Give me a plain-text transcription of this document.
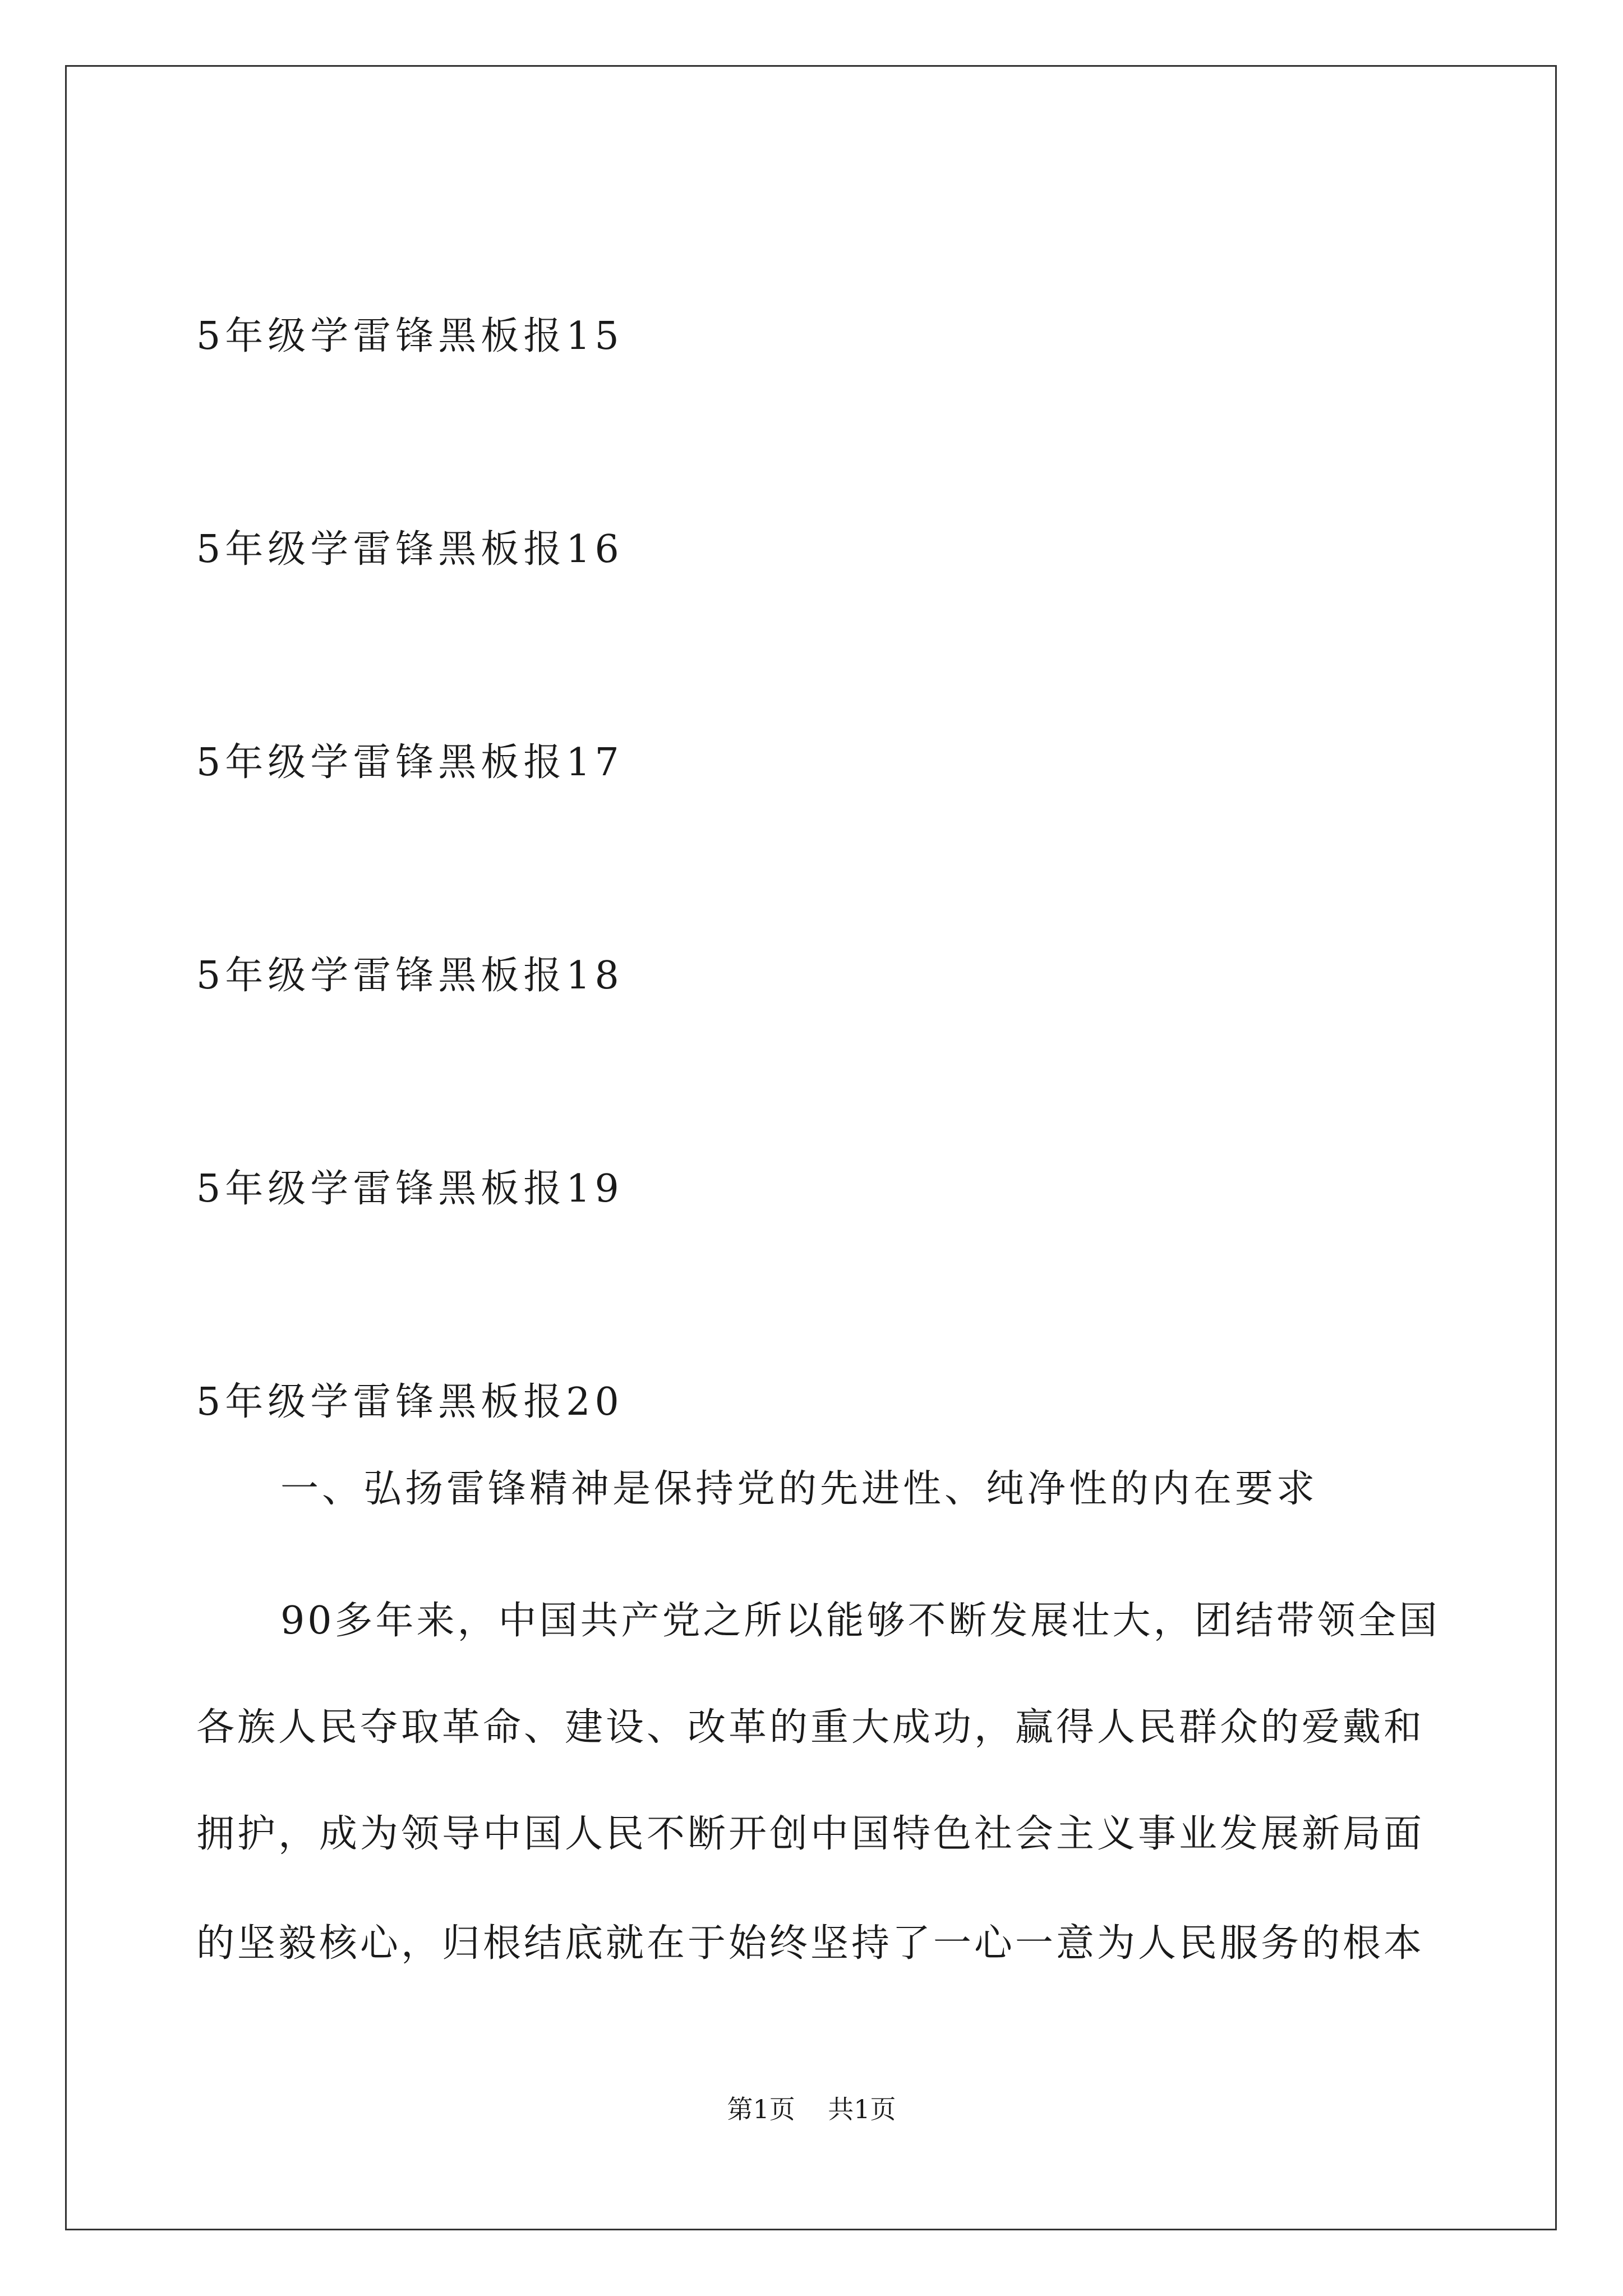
5年级学雷锋黑板报15
5年级学雷锋黑板报16
5年级学雷锋黑板报17
5年级学雷锋黑板报18
5年级学雷锋黑板报19
5年级学雷锋黑板报20
一、弘扬雷锋精神是保持党的先进性、纯净性的内在要求
90多年来，中国共产党之所以能够不断发展壮大，团结带领全国
各族人民夺取革命、建设、改革的重大成功，赢得人民群众的爱戴和
拥护，成为领导中国人民不断开创中国特色社会主义事业发展新局面
的坚毅核心，归根结底就在于始终坚持了一心一意为人民服务的根本
第1页 共1页
